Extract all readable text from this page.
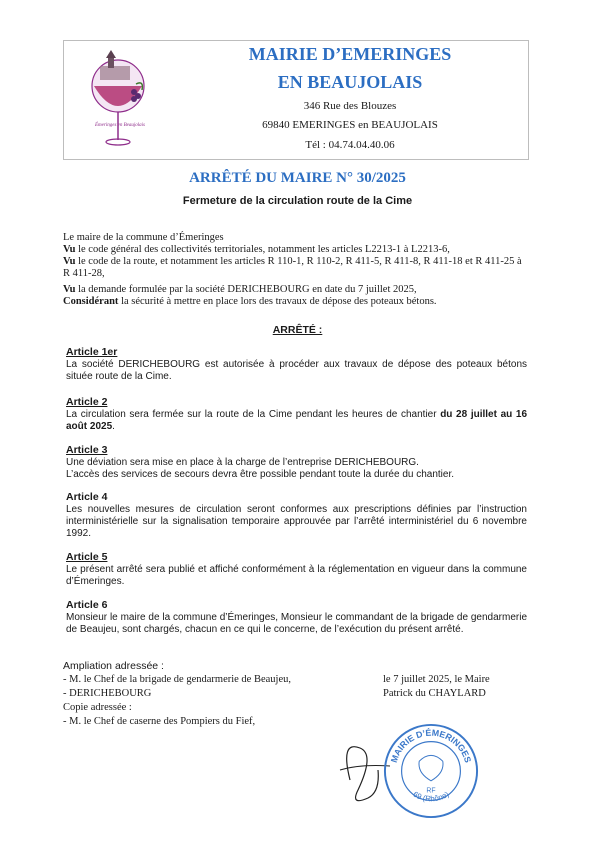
Émeringes en Beaujolais
MAIRIE D’EMERINGES
EN BEAUJOLAIS
346 Rue des Blouzes
69840 EMERINGES en BEAUJOLAIS
Tél : 04.74.04.40.06
ARRÊTÉ DU MAIRE N° 30/2025
Fermeture de la circulation route de la Cime
Le maire de la commune d’Émeringes
Vu le code général des collectivités territoriales, notamment les articles L2213-1 à L2213-6,
Vu le code de la route, et notamment les articles R 110-1, R 110-2, R 411-5, R 411-8, R 411-18 et R 411-25 à R 411-28,
Vu la demande formulée par la société DERICHEBOURG en date du 7 juillet 2025,
Considérant la sécurité à mettre en place lors des travaux de dépose des poteaux bétons.
ARRÊTÉ :
Article 1er
La société DERICHEBOURG est autorisée à procéder aux travaux de dépose des poteaux bétons située route de la Cime.
Article 2
La circulation sera fermée sur la route de la Cime pendant les heures de chantier du 28 juillet au 16 août 2025.
Article 3
Une déviation sera mise en place à la charge de l’entreprise DERICHEBOURG.
L’accès des services de secours devra être possible pendant toute la durée du chantier.
Article 4
Les nouvelles mesures de circulation seront conformes aux prescriptions définies par l’instruction interministérielle sur la signalisation temporaire approuvée par l’arrêté interministériel du 6 novembre 1992.
Article 5
Le présent arrêté sera publié et affiché conformément à la réglementation en vigueur dans la commune d’Émeringes.
Article 6
Monsieur le maire de la commune d’Émeringes, Monsieur le commandant de la brigade de gendarmerie de Beaujeu, sont chargés, chacun en ce qui le concerne, de l’exécution du présent arrêté.
Ampliation adressée :
- M. le Chef de la brigade de gendarmerie de Beaujeu,
- DERICHEBOURG
Copie adressée :
- M. le Chef de caserne des Pompiers du Fief,
le 7 juillet 2025, le Maire
Patrick du CHAYLARD
MAIRIE D’ÉMERINGES
69 (Rhône)
RF
